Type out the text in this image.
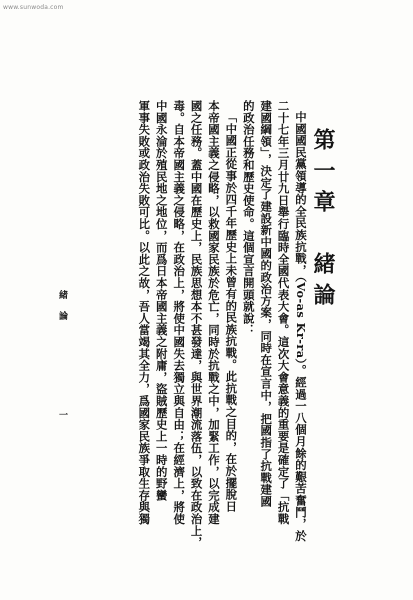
www.sunwoda.com
第一章　緒論
中國國民黨領導的全民族抗戰，（Vo-as Kr-ra）。經過一八個月餘的艱苦奮鬥，於
二十七年三月廿九日舉行臨時全國代表大會。這次大會意義的重要是確定了「抗戰
建國綱領」，決定了建設新中國的政治方案，同時在宣言中，把國指了抗戰建國
的政治任務和歷史使命。這個宣言開頭就說：
「中國正從事於四千年歷史上未曾有的民族抗戰。此抗戰之目的，在於擺脫日
本帝國主義之侵略，以救國家民族於危亡，同時於抗戰之中，加緊工作，以完成建
國之任務。蓋中國在歷史上，民族思想本不甚發達，與世界潮流落伍，以致在政治上，
毒。自本帝國主義之侵略，在政治上，將使中國失去獨立與自由；在經濟上，將使
中國永淪於殖民地之地位，而爲日本帝國主義之附庸，盜賊歷史上一時的野蠻
軍事失敗或政治失敗可比。以此之故，吾人當竭其全力，爲國家民族爭取生存與獨
緒論
一
